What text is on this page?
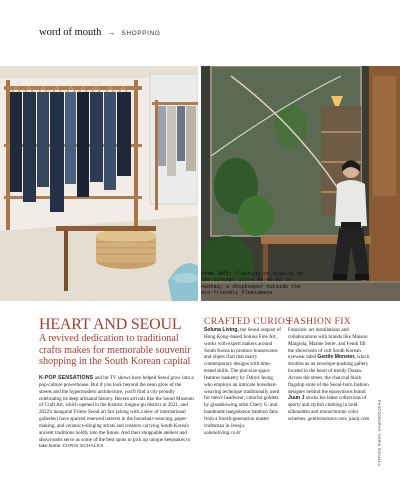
word of mouth → SHOPPING
From left: Clothing on display at the concept store Mo-No-Ha in Hannam; a shopkeeper outside the eco-friendly Pluetamena
HEART AND SEOUL
A revived dedication to traditional crafts makes for memorable souvenir shopping in the South Korean capital
K-POP SENSATIONS and hit TV shows have helped Seoul grow into a pop-culture powerhouse. But if you look beyond the neon glow of the streets and the hypermodern architecture, you'll find a city proudly celebrating its deep artisanal history. Recent arrivals like the Seoul Museum of Craft Art, which opened in the historic Jongno-gu district in 2021, and 2022's inaugural Frieze Seoul art fair (along with a slew of international galleries) have spurred renewed interest in the horsehair-weaving, paper-making, and ceramics-slinging artists and creators carrying South Korea's ancient traditions boldly into the future. And their shoppable ateliers and showrooms serve as some of the best spots to pick up unique keepsakes to take home. CHRIS SCHALKX
CRAFTED CURIOS
Soluna Living, the Seoul outpost of Hong Kong–based Soluna Fine Art, works with expert makers around South Korea to produce housewares and objets d'art that marry contemporary designs with time-tested skills. The pint-size space features basketry by Dabye Jeong, who employs an intricate horsehair-weaving technique traditionally used for men's headwear; colorful goblets by glassblowing artist Chery G; and handmade haegukseon bamboo fans from a fourth-generation master craftsman in Jeonju. solunaliving.co.kr
FASHION FIX
Futuristic art installations and collaborations with brands like Maison Margiela, Marine Serre, and Fendi fill the showroom of cult South Korean eyewear label Gentle Monster, which doubles as an envelope-pushing gallery located in the heart of trendy Dosan. Across the street, the charcoal black flagship store of the Seoul-born fashion designer behind the eponymous brand Juun J stocks his latest collections of sporty and stylish clothing in bold silhouettes and monochrome color schemes. gentlemonster.com; juunj.com PHOTOGRAPHS: CHRIS SCHALKX
